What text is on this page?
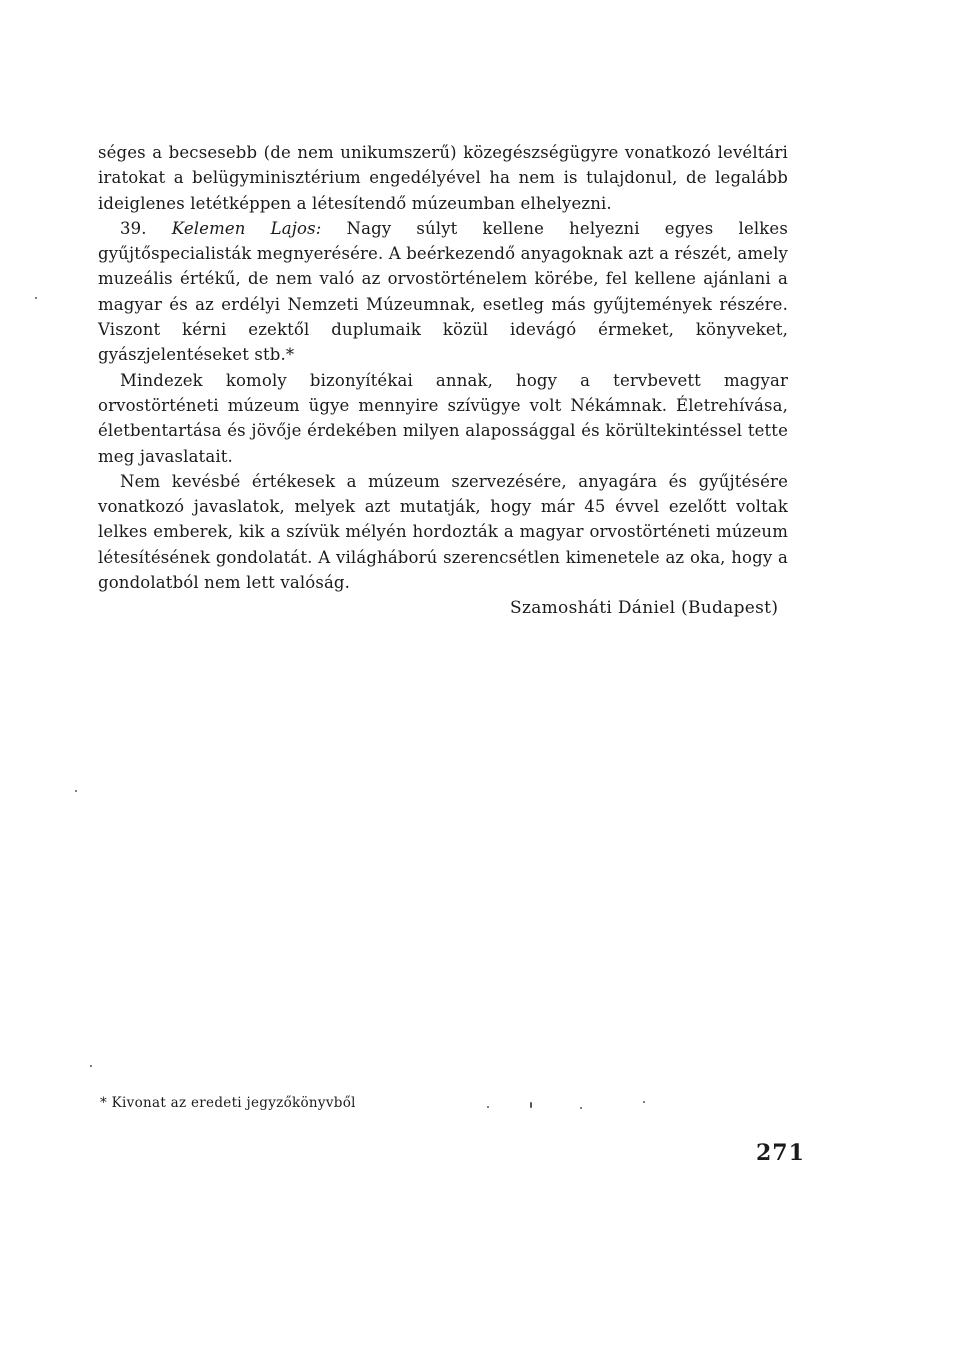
séges a becsesebb (de nem unikumszerű) közegészségügyre vonatkozó levéltári iratokat a belügyminisztérium engedélyével ha nem is tulajdonul, de legalább ideiglenes letétképpen a létesítendő múzeumban elhelyezni.

39. Kelemen Lajos: Nagy súlyt kellene helyezni egyes lelkes gyűjtőspecialisták megnyerésére. A beérkezendő anyagoknak azt a részét, amely muzeális értékű, de nem való az orvostörténelem körébe, fel kellene ajánlani a magyar és az erdélyi Nemzeti Múzeumnak, esetleg más gyűjtemények részére. Viszont kérni ezektől duplumaik közül idevágó érmeket, könyveket, gyászjelentéseket stb.*

Mindezek komoly bizonyítékai annak, hogy a tervbevett magyar orvostörténeti múzeum ügye mennyire szívügye volt Nékámnak. Életrehívása, életbentartása és jövője érdekében milyen alapossággal és körültekintéssel tette meg javaslatait.

Nem kevésbé értékesek a múzeum szervezésére, anyagára és gyűjtésére vonatkozó javaslatok, melyek azt mutatják, hogy már 45 évvel ezelőtt voltak lelkes emberek, kik a szívük mélyén hordozták a magyar orvostörténeti múzeum létesítésének gondolatát. A világháború szerencsétlen kimenetele az oka, hogy a gondolatból nem lett valóság.

Szamosháti Dániel (Budapest)
* Kivonat az eredeti jegyzőkönyvből
271
